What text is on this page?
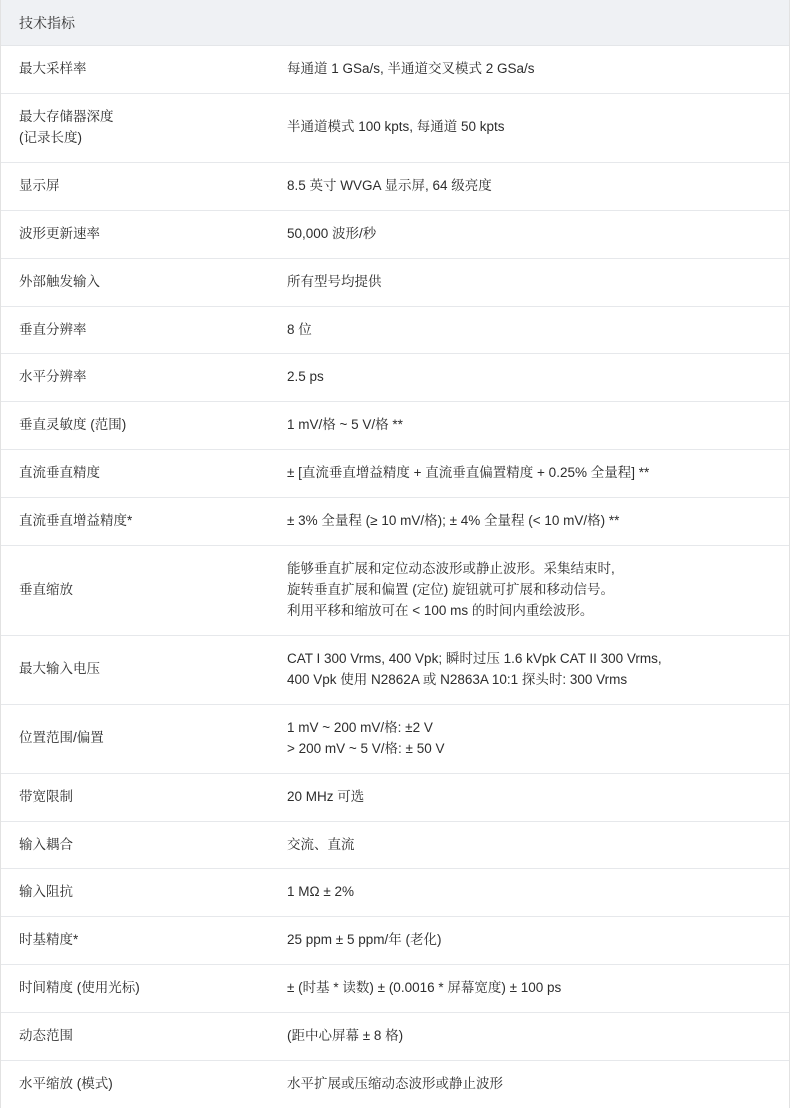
技术指标
最大采样率	每通道 1 GSa/s, 半通道交叉模式 2 GSa/s

最大存储器深度
(记录长度)	半通道模式 100 kpts, 每通道 50 kpts

显示屏	8.5 英寸 WVGA 显示屏, 64 级亮度

波形更新速率	50,000 波形/秒

外部触发输入	所有型号均提供

垂直分辨率	8 位

水平分辨率	2.5 ps

垂直灵敏度 (范围)	1 mV/格 ~ 5 V/格 **

直流垂直精度	± [直流垂直增益精度 + 直流垂直偏置精度 + 0.25% 全量程] **

直流垂直增益精度*	± 3% 全量程 (≥ 10 mV/格); ± 4% 全量程 (< 10 mV/格) **

垂直缩放	能够垂直扩展和定位动态波形或静止波形。采集结束时,
旋转垂直扩展和偏置 (定位) 旋钮就可扩展和移动信号。
利用平移和缩放可在 < 100 ms 的时间内重绘波形。

最大输入电压	CAT I 300 Vrms, 400 Vpk; 瞬时过压 1.6 kVpk CAT II 300 Vrms,
400 Vpk 使用 N2862A 或 N2863A 10:1 探头时: 300 Vrms

位置范围/偏置	1 mV ~ 200 mV/格: ±2 V
> 200 mV ~ 5 V/格: ± 50 V

带宽限制	20 MHz 可选

输入耦合	交流、直流

输入阻抗	1 MΩ ± 2%

时基精度*	25 ppm ± 5 ppm/年 (老化)

时间精度 (使用光标)	± (时基 * 读数) ± (0.0016 * 屏幕宽度) ± 100 ps

动态范围	(距中心屏幕 ± 8 格)

水平缩放 (模式)	水平扩展或压缩动态波形或静止波形
